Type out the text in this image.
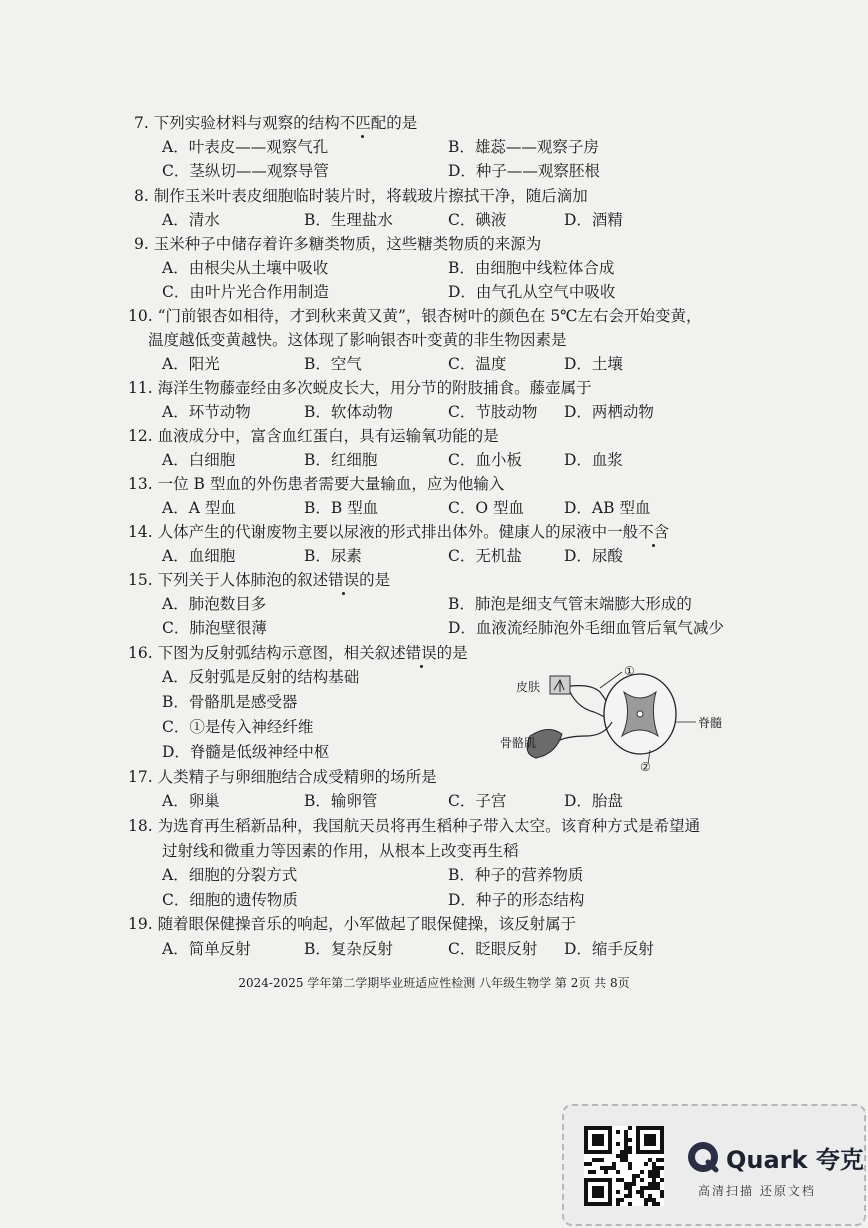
7. 下列实验材料与观察的结构不匹配的是
A．叶表皮——观察气孔	B．雄蕊——观察子房
C．茎纵切——观察导管	D．种子——观察胚根
8. 制作玉米叶表皮细胞临时装片时，将载玻片擦拭干净，随后滴加
A．清水	B．生理盐水	C．碘液	D．酒精
9. 玉米种子中储存着许多糖类物质，这些糖类物质的来源为
A．由根尖从土壤中吸收	B．由细胞中线粒体合成
C．由叶片光合作用制造	D．由气孔从空气中吸收
10. “门前银杏如相待，才到秋来黄又黄”，银杏树叶的颜色在 5℃左右会开始变黄，
温度越低变黄越快。这体现了影响银杏叶变黄的非生物因素是
A．阳光	B．空气	C．温度	D．土壤
11. 海洋生物藤壶经由多次蜕皮长大，用分节的附肢捕食。藤壶属于
A．环节动物	B．软体动物	C．节肢动物 D．两栖动物
12. 血液成分中，富含血红蛋白，具有运输氧功能的是
A．白细胞	B．红细胞	C．血小板	D．血浆
13. 一位 B 型血的外伤患者需要大量输血，应为他输入
A．A 型血	B．B 型血	C．O 型血	D．AB 型血
14. 人体产生的代谢废物主要以尿液的形式排出体外。健康人的尿液中一般不含
A．血细胞	B．尿素	C．无机盐	D．尿酸
15. 下列关于人体肺泡的叙述错误的是
A．肺泡数目多	B．肺泡是细支气管末端膨大形成的
C．肺泡壁很薄	D．血液流经肺泡外毛细血管后氧气减少
16. 下图为反射弧结构示意图，相关叙述错误的是
A．反射弧是反射的结构基础
B．骨骼肌是感受器
C．①是传入神经纤维
D．脊髓是低级神经中枢
皮肤
骨骼肌
脊髓
①
②
17. 人类精子与卵细胞结合成受精卵的场所是
A．卵巢	B．输卵管	C．子宫	D．胎盘
18. 为选育再生稻新品种，我国航天员将再生稻种子带入太空。该育种方式是希望通
过射线和微重力等因素的作用，从根本上改变再生稻
A．细胞的分裂方式	B．种子的营养物质
C．细胞的遗传物质	D．种子的形态结构
19. 随着眼保健操音乐的响起，小军做起了眼保健操，该反射属于
A．简单反射	B．复杂反射	C．眨眼反射 D．缩手反射
2024-2025 学年第二学期毕业班适应性检测 八年级生物学 第 2页 共 8页
Quark 夸克
高清扫描 还原文档
